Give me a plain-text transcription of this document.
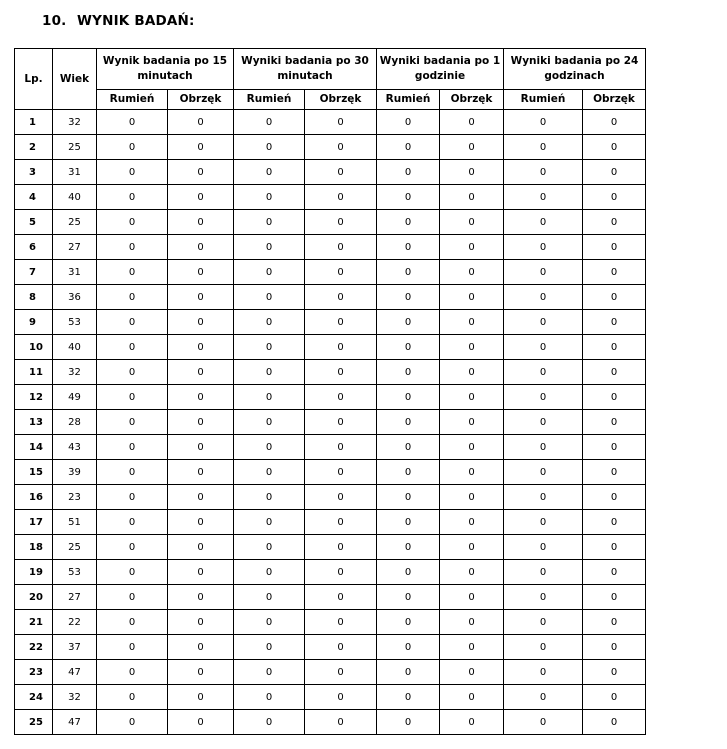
10. WYNIK BADAŃ:
Lp.	Wiek	Wynik badania po 15 minutach		Wyniki badania po 30 minutach		Wyniki badania po 1 godzinie		Wyniki badania po 24 godzinach	
		Rumień	Obrzęk	Rumień	Obrzęk	Rumień	Obrzęk	Rumień	Obrzęk
1	32	0	0	0	0	0	0	0	0
2	25	0	0	0	0	0	0	0	0
3	31	0	0	0	0	0	0	0	0
4	40	0	0	0	0	0	0	0	0
5	25	0	0	0	0	0	0	0	0
6	27	0	0	0	0	0	0	0	0
7	31	0	0	0	0	0	0	0	0
8	36	0	0	0	0	0	0	0	0
9	53	0	0	0	0	0	0	0	0
10	40	0	0	0	0	0	0	0	0
11	32	0	0	0	0	0	0	0	0
12	49	0	0	0	0	0	0	0	0
13	28	0	0	0	0	0	0	0	0
14	43	0	0	0	0	0	0	0	0
15	39	0	0	0	0	0	0	0	0
16	23	0	0	0	0	0	0	0	0
17	51	0	0	0	0	0	0	0	0
18	25	0	0	0	0	0	0	0	0
19	53	0	0	0	0	0	0	0	0
20	27	0	0	0	0	0	0	0	0
21	22	0	0	0	0	0	0	0	0
22	37	0	0	0	0	0	0	0	0
23	47	0	0	0	0	0	0	0	0
24	32	0	0	0	0	0	0	0	0
25	47	0	0	0	0	0	0	0	0
